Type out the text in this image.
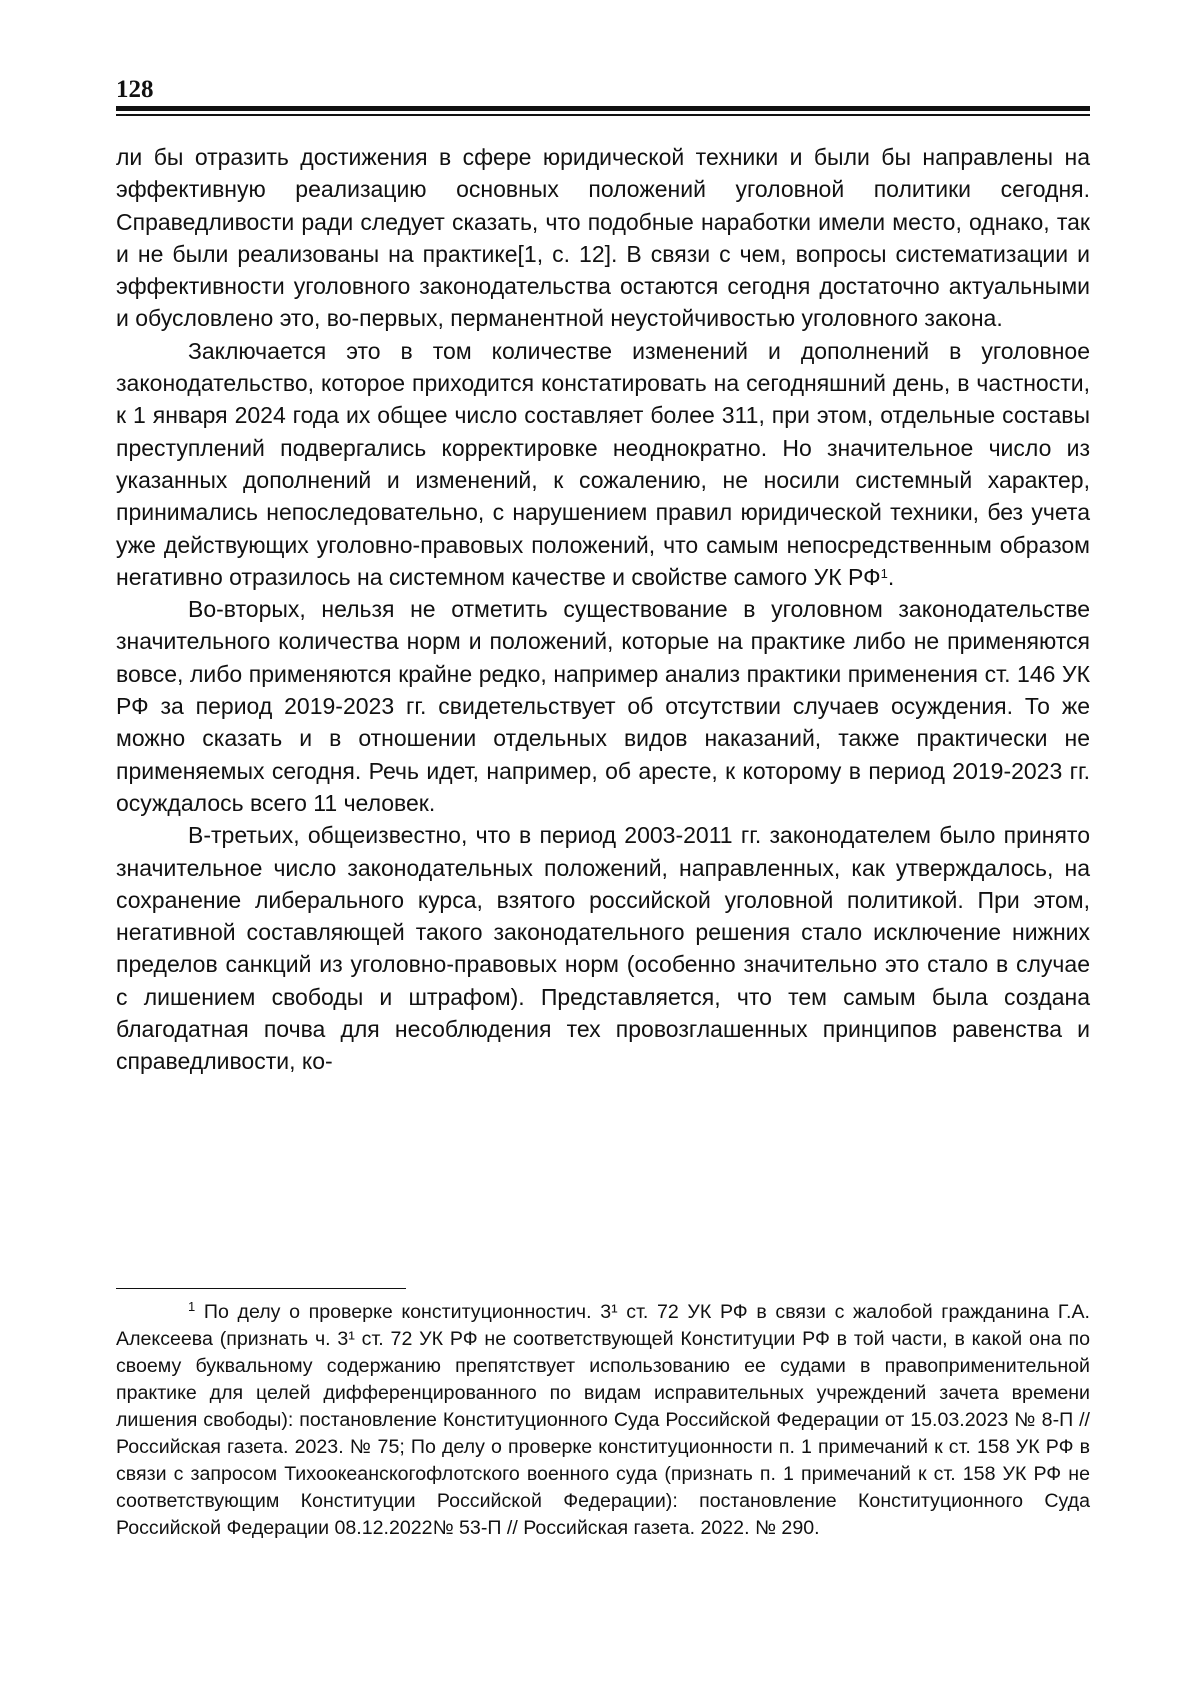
128

ли бы отразить достижения в сфере юридической техники и были бы направлены на эффективную реализацию основных положений уголовной политики сегодня. Справедливости ради следует сказать, что подобные наработки имели место, однако, так и не были реализованы на практике[1, с. 12]. В связи с чем, вопросы систематизации и эффективности уголовного законодательства остаются сегодня достаточно актуальными и обусловлено это, во-первых, перманентной неустойчивостью уголовного закона.

Заключается это в том количестве изменений и дополнений в уголовное законодательство, которое приходится констатировать на сегодняшний день, в частности, к 1 января 2024 года их общее число составляет более 311, при этом, отдельные составы преступлений подвергались корректировке неоднократно. Но значительное число из указанных дополнений и изменений, к сожалению, не носили системный характер, принимались непоследовательно, с нарушением правил юридической техники, без учета уже действующих уголовно-правовых положений, что самым непосредственным образом негативно отразилось на системном качестве и свойстве самого УК РФ$^1$.

Во-вторых, нельзя не отметить существование в уголовном законодательстве значительного количества норм и положений, которые на практике либо не применяются вовсе, либо применяются крайне редко, например анализ практики применения ст. 146 УК РФ за период 2019-2023 гг. свидетельствует об отсутствии случаев осуждения. То же можно сказать и в отношении отдельных видов наказаний, также практически не применяемых сегодня. Речь идет, например, об аресте, к которому в период 2019-2023 гг. осуждалось всего 11 человек.

В-третьих, общеизвестно, что в период 2003-2011 гг. законодателем было принято значительное число законодательных положений, направленных, как утверждалось, на сохранение либерального курса, взятого российской уголовной политикой. При этом, негативной составляющей такого законодательного решения стало исключение нижних пределов санкций из уголовно-правовых норм (особенно значительно это стало в случае с лишением свободы и штрафом). Представляется, что тем самым была создана благодатная почва для несоблюдения тех провозглашенных принципов равенства и справедливости, ко-

$^1$ По делу о проверке конституционностич. 3¹ ст. 72 УК РФ в связи с жалобой гражданина Г.А. Алексеева (признать ч. 3¹ ст. 72 УК РФ не соответствующей Конституции РФ в той части, в какой она по своему буквальному содержанию препятствует использованию ее судами в правоприменительной практике для целей дифференцированного по видам исправительных учреждений зачета времени лишения свободы): постановление Конституционного Суда Российской Федерации от 15.03.2023 № 8-П // Российская газета. 2023. № 75; По делу о проверке конституционности п. 1 примечаний к ст. 158 УК РФ в связи с запросом Тихоокеанскогофлотского военного суда (признать п. 1 примечаний к ст. 158 УК РФ не соответствующим Конституции Российской Федерации): постановление Конституционного Суда Российской Федерации 08.12.2022№ 53-П // Российская газета. 2022. № 290.
